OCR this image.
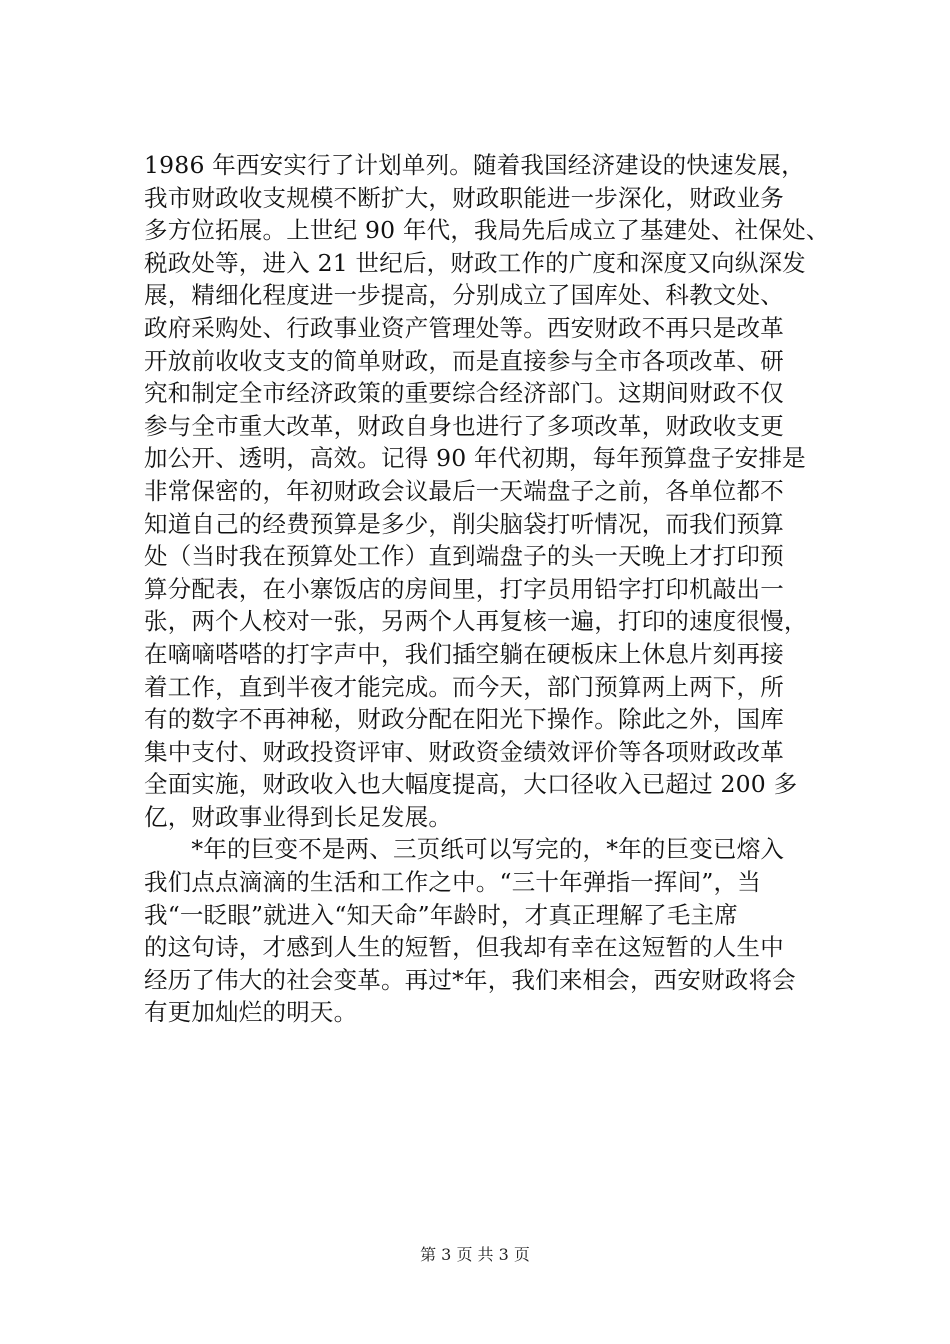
1986 年西安实行了计划单列。随着我国经济建设的快速发展，
我市财政收支规模不断扩大，财政职能进一步深化，财政业务
多方位拓展。上世纪 90 年代，我局先后成立了基建处、社保处、
税政处等，进入 21 世纪后，财政工作的广度和深度又向纵深发
展，精细化程度进一步提高，分别成立了国库处、科教文处、
政府采购处、行政事业资产管理处等。西安财政不再只是改革
开放前收收支支的简单财政，而是直接参与全市各项改革、研
究和制定全市经济政策的重要综合经济部门。这期间财政不仅
参与全市重大改革，财政自身也进行了多项改革，财政收支更
加公开、透明，高效。记得 90 年代初期，每年预算盘子安排是
非常保密的，年初财政会议最后一天端盘子之前，各单位都不
知道自己的经费预算是多少，削尖脑袋打听情况，而我们预算
处（当时我在预算处工作）直到端盘子的头一天晚上才打印预
算分配表，在小寨饭店的房间里，打字员用铅字打印机敲出一
张，两个人校对一张，另两个人再复核一遍，打印的速度很慢，
在嘀嘀嗒嗒的打字声中，我们插空躺在硬板床上休息片刻再接
着工作，直到半夜才能完成。而今天，部门预算两上两下，所
有的数字不再神秘，财政分配在阳光下操作。除此之外，国库
集中支付、财政投资评审、财政资金绩效评价等各项财政改革
全面实施，财政收入也大幅度提高，大口径收入已超过 200 多
亿，财政事业得到长足发展。
　　*年的巨变不是两、三页纸可以写完的，*年的巨变已熔入
我们点点滴滴的生活和工作之中。“三十年弹指一挥间”，当
我“一眨眼”就进入“知天命”年龄时，才真正理解了毛主席
的这句诗，才感到人生的短暂，但我却有幸在这短暂的人生中
经历了伟大的社会变革。再过*年，我们来相会，西安财政将会
有更加灿烂的明天。
第 3 页 共 3 页
